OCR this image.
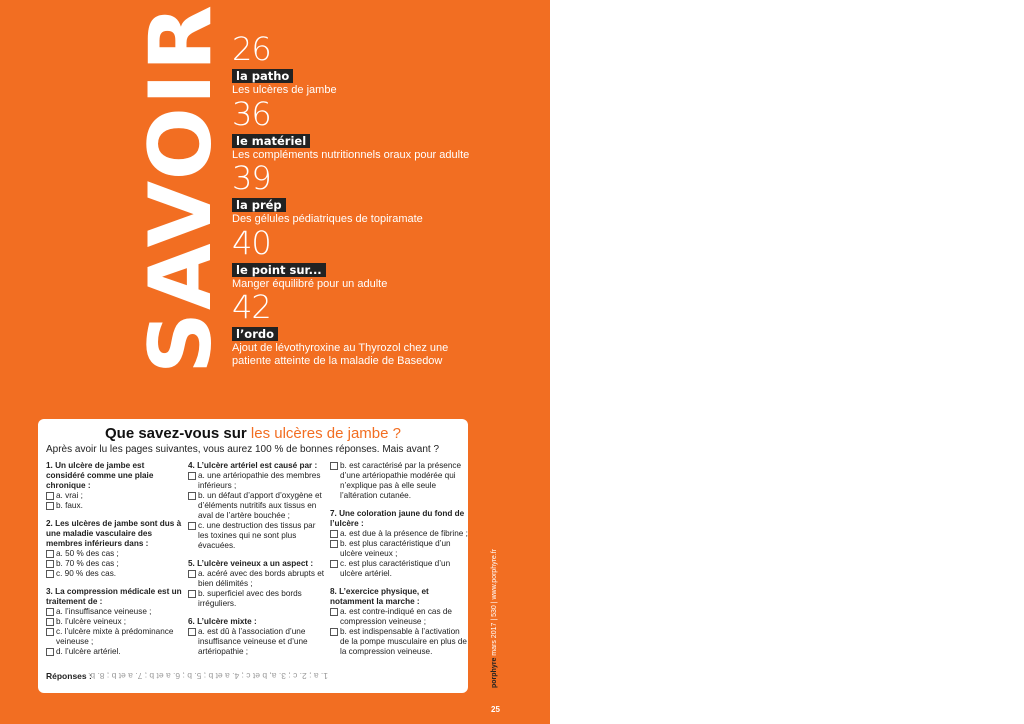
SAVOIR 26
la patho
Les ulcères de jambe
36
le matériel
Les compléments nutritionnels oraux pour adulte
39
la prép
Des gélules pédiatriques de topiramate
40
le point sur...
Manger équilibré pour un adulte
42
l’ordo
Ajout de lévothyroxine au Thyrozol chez une patiente atteinte de la maladie de Basedow
Que savez-vous sur les ulcères de jambe ?
Après avoir lu les pages suivantes, vous aurez 100 % de bonnes réponses. Mais avant ?
1. Un ulcère de jambe est considéré comme une plaie chronique :
a. vrai ;
b. faux.
2. Les ulcères de jambe sont dus à une maladie vasculaire des membres inférieurs dans :
a. 50 % des cas ;
b. 70 % des cas ;
c. 90 % des cas.
3. La compression médicale est un traitement de :
a. l’insuffisance veineuse ;
b. l’ulcère veineux ;
c. l’ulcère mixte à prédominance veineuse ;
d. l’ulcère artériel.
4. L’ulcère artériel est causé par :
a. une artériopathie des membres inférieurs ;
b. un défaut d’apport d’oxygène et d’éléments nutritifs aux tissus en aval de l’artère bouchée ;
c. une destruction des tissus par les toxines qui ne sont plus évacuées.
5. L’ulcère veineux a un aspect :
a. acéré avec des bords abrupts et bien délimités ;
b. superficiel avec des bords irréguliers.
6. L’ulcère mixte :
a. est dû à l’association d’une insuffisance veineuse et d’une artériopathie ;
b. est caractérisé par la présence d’une artériopathie modérée qui n’explique pas à elle seule l’altération cutanée.
7. Une coloration jaune du fond de l’ulcère :
a. est due à la présence de fibrine ;
b. est plus caractéristique d’un ulcère veineux ;
c. est plus caractéristique d’un ulcère artériel.
8. L’exercice physique, et notamment la marche :
a. est contre-indiqué en cas de compression veineuse ;
b. est indispensable à l’activation de la pompe musculaire en plus de la compression veineuse.
Réponses :
1. a ; 2. c ; 3. a, b et c ; 4. a et b ; 5. b ; 6. a et b ; 7. a et b ; 8. b.	porphyre mars 2017 | 530 | www.porphyre.fr
25
